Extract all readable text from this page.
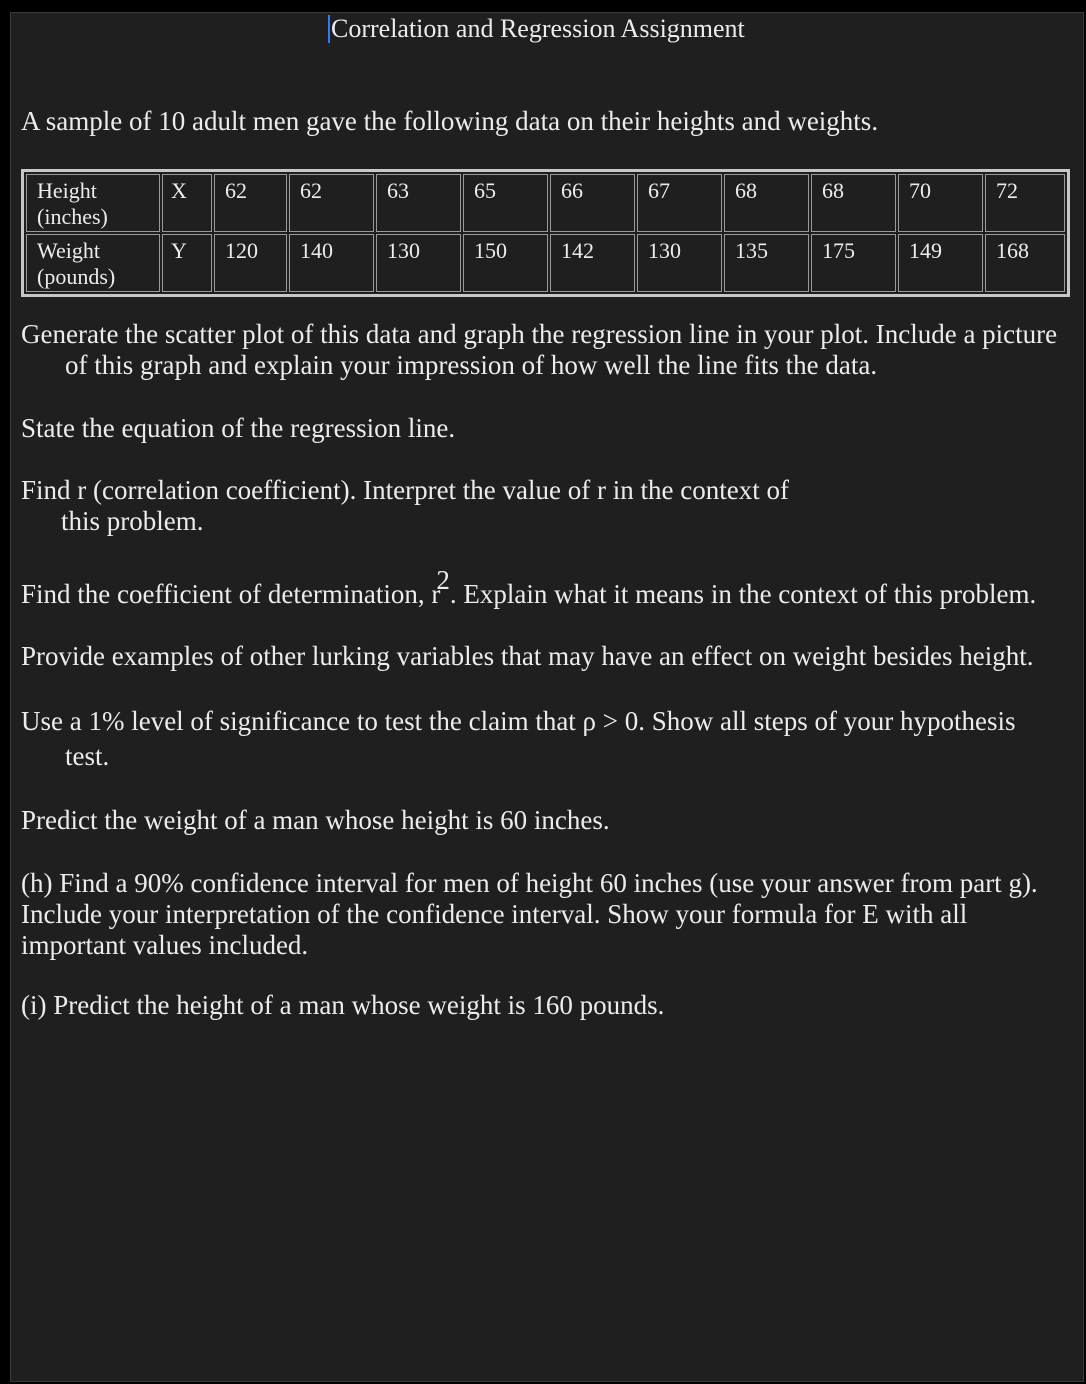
Correlation and Regression Assignment
A sample of 10 adult men gave the following data on their heights and weights.
Height
(inches)	X	62	62	63	65	66	67	68	68	70	72
Weight
(pounds)	Y	120	140	130	150	142	130	135	175	149	168
Generate the scatter plot of this data and graph the regression line in your plot. Include a picture
of this graph and explain your impression of how well the line fits the data.
State the equation of the regression line.
Find r (correlation coefficient). Interpret the value of r in the context of
this problem.
Find the coefficient of determination, r2. Explain what it means in the context of this problem.
Provide examples of other lurking variables that may have an effect on weight besides height.
Use a 1% level of significance to test the claim that ρ > 0. Show all steps of your hypothesis
test.
Predict the weight of a man whose height is 60 inches.
(h) Find a 90% confidence interval for men of height 60 inches (use your answer from part g).
Include your interpretation of the confidence interval. Show your formula for E with all
important values included.
(i) Predict the height of a man whose weight is 160 pounds.
